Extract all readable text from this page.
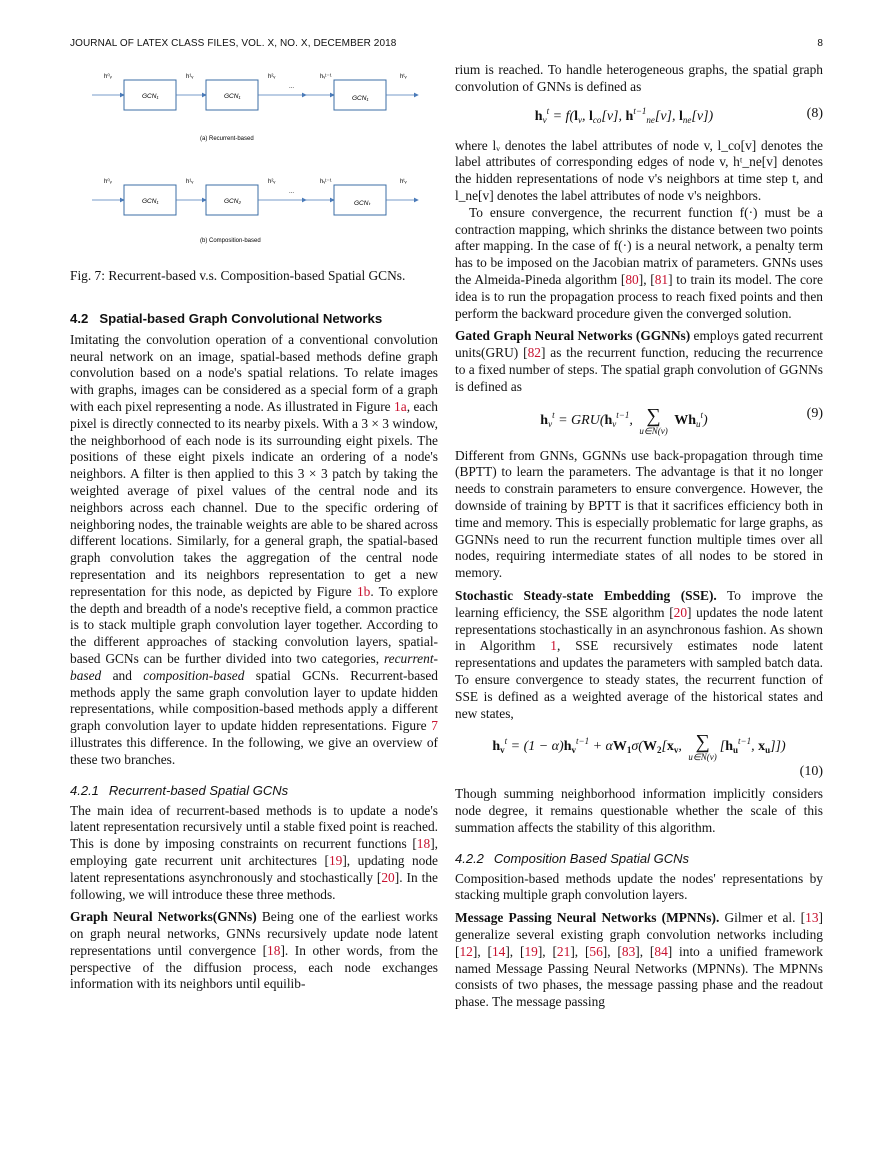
JOURNAL OF LATEX CLASS FILES, VOL. X, NO. X, DECEMBER 2018	8
h⁰ᵥ	h¹ᵥ	h²ᵥ
...
hᵥᵗ⁻¹	hᵗᵥ
GCN₁	GCN₁	GCN₁
(a) Recurrent-based
h⁰ᵥ	h¹ᵥ	h²ᵥ
...
hᵥᵗ⁻¹	hᵗᵥ
GCN₁	GCN₂	GCNₜ
(b) Composition-based

Fig. 7: Recurrent-based v.s. Composition-based Spatial GCNs.

4.2 Spatial-based Graph Convolutional Networks

Imitating the convolution operation of a conventional convolution neural network on an image, spatial-based methods define graph convolution based on a node's spatial relations. To relate images with graphs, images can be considered as a special form of a graph with each pixel representing a node. As illustrated in Figure 1a, each pixel is directly connected to its nearby pixels. With a 3 × 3 window, the neighborhood of each node is its surrounding eight pixels. The positions of these eight pixels indicate an ordering of a node's neighbors. A filter is then applied to this 3 × 3 patch by taking the weighted average of pixel values of the central node and its neighbors across each channel. Due to the specific ordering of neighboring nodes, the trainable weights are able to be shared across different locations. Similarly, for a general graph, the spatial-based graph convolution takes the aggregation of the central node representation and its neighbors representation to get a new representation for this node, as depicted by Figure 1b. To explore the depth and breadth of a node's receptive field, a common practice is to stack multiple graph convolution layer together. According to the different approaches of stacking convolution layers, spatial-based GCNs can be further divided into two categories, recurrent-based and composition-based spatial GCNs. Recurrent-based methods apply the same graph convolution layer to update hidden representations, while composition-based methods apply a different graph convolution layer to update hidden representations. Figure 7 illustrates this difference. In the following, we give an overview of these two branches.

4.2.1 Recurrent-based Spatial GCNs

The main idea of recurrent-based methods is to update a node's latent representation recursively until a stable fixed point is reached. This is done by imposing constraints on recurrent functions [18], employing gate recurrent unit architectures [19], updating node latent representations asynchronously and stochastically [20]. In the following, we will introduce these three methods.

Graph Neural Networks(GNNs) Being one of the earliest works on graph neural networks, GNNs recursively update node latent representations until convergence [18]. In other words, from the perspective of the diffusion process, each node exchanges information with its neighbors until equilib-

rium is reached. To handle heterogeneous graphs, the spatial graph convolution of GNNs is defined as

$h_v^t = f(l_v$, $l_{co}[v]$, $h^{t-1}_{ne}[v]$, $l_{ne}[v]$)	(8)

where lᵥ denotes the label attributes of node v, l_co[v] denotes the label attributes of corresponding edges of node v, hᵗ_ne[v] denotes the hidden representations of node v's neighbors at time step t, and l_ne[v] denotes the label attributes of node v's neighbors.

To ensure convergence, the recurrent function f(·) must be a contraction mapping, which shrinks the distance between two points after mapping. In the case of f(·) is a neural network, a penalty term has to be imposed on the Jacobian matrix of parameters. GNNs uses the Almeida-Pineda algorithm [80], [81] to train its model. The core idea is to run the propagation process to reach fixed points and then perform the backward procedure given the converged solution.

Gated Graph Neural Networks (GGNNs) employs gated recurrent units(GRU) [82] as the recurrent function, reducing the recurrence to a fixed number of steps. The spatial graph convolution of GGNNs is defined as

$h_v^t = GRU(h_v^{t-1}$, ∑
u∈N(v)
$Wh_u^t$)	(9)

Different from GNNs, GGNNs use back-propagation through time (BPTT) to learn the parameters. The advantage is that it no longer needs to constrain parameters to ensure convergence. However, the downside of training by BPTT is that it sacrifices efficiency both in time and memory. This is especially problematic for large graphs, as GGNNs need to run the recurrent function multiple times over all nodes, requiring intermediate states of all nodes to be stored in memory.

Stochastic Steady-state Embedding (SSE). To improve the learning efficiency, the SSE algorithm [20] updates the node latent representations stochastically in an asynchronous fashion. As shown in Algorithm 1, SSE recursively estimates node latent representations and updates the parameters with sampled batch data. To ensure convergence to steady states, the recurrent function of SSE is defined as a weighted average of the historical states and new states,

$h_v^t = (1 - \alpha)h_v^{t-1} + \alpha W_1\sigma(W_2[x_v$, ∑
u∈N(v)
[$h_u^{t-1}$, $x_u$]])
(10)

Though summing neighborhood information implicitly considers node degree, it remains questionable whether the scale of this summation affects the stability of this algorithm.

4.2.2 Composition Based Spatial GCNs

Composition-based methods update the nodes' representations by stacking multiple graph convolution layers.

Message Passing Neural Networks (MPNNs). Gilmer et al. [13] generalize several existing graph convolution networks including [12], [14], [19], [21], [56], [83], [84] into a unified framework named Message Passing Neural Networks (MPNNs). The MPNNs consists of two phases, the message passing phase and the readout phase. The message passing
